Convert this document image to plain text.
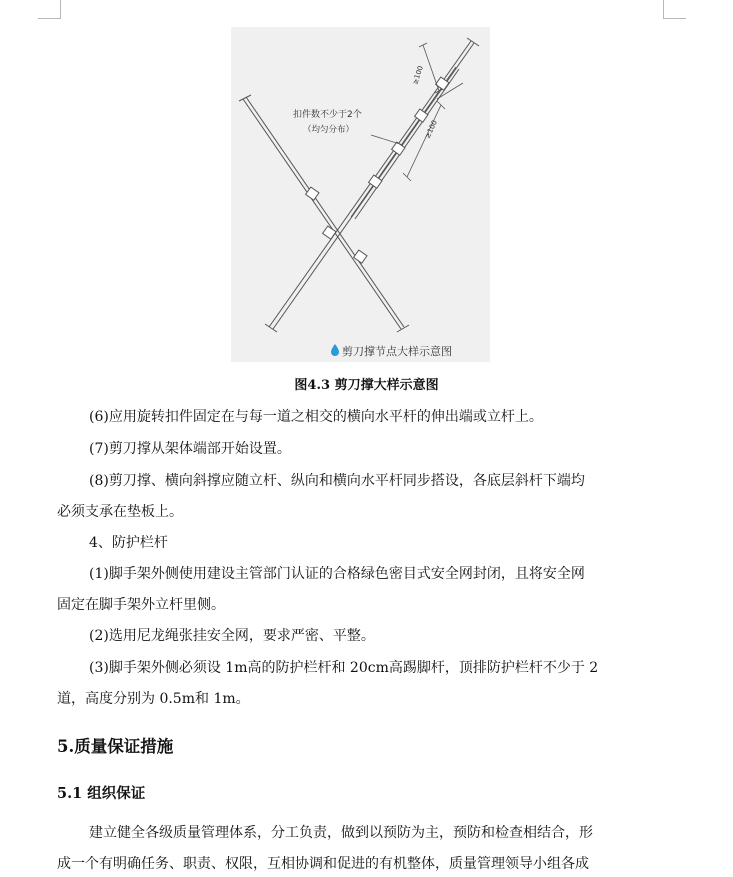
扣件数不少于2个
（均匀分布）
≥100
≥100
剪刀撑节点大样示意图
图4.3 剪刀撑大样示意图
(6)应用旋转扣件固定在与每一道之相交的横向水平杆的伸出端或立杆上。
(7)剪刀撑从架体端部开始设置。
(8)剪刀撑、横向斜撑应随立杆、纵向和横向水平杆同步搭设，各底层斜杆下端均
必须支承在垫板上。
4、防护栏杆
(1)脚手架外侧使用建设主管部门认证的合格绿色密目式安全网封闭，且将安全网
固定在脚手架外立杆里侧。
(2)选用尼龙绳张挂安全网，要求严密、平整。
(3)脚手架外侧必须设 1m高的防护栏杆和 20cm高踢脚杆，顶排防护栏杆不少于 2
道，高度分别为 0.5m和 1m。
5.质量保证措施
5.1 组织保证
建立健全各级质量管理体系，分工负责，做到以预防为主，预防和检查相结合，形
成一个有明确任务、职责、权限，互相协调和促进的有机整体，质量管理领导小组各成
